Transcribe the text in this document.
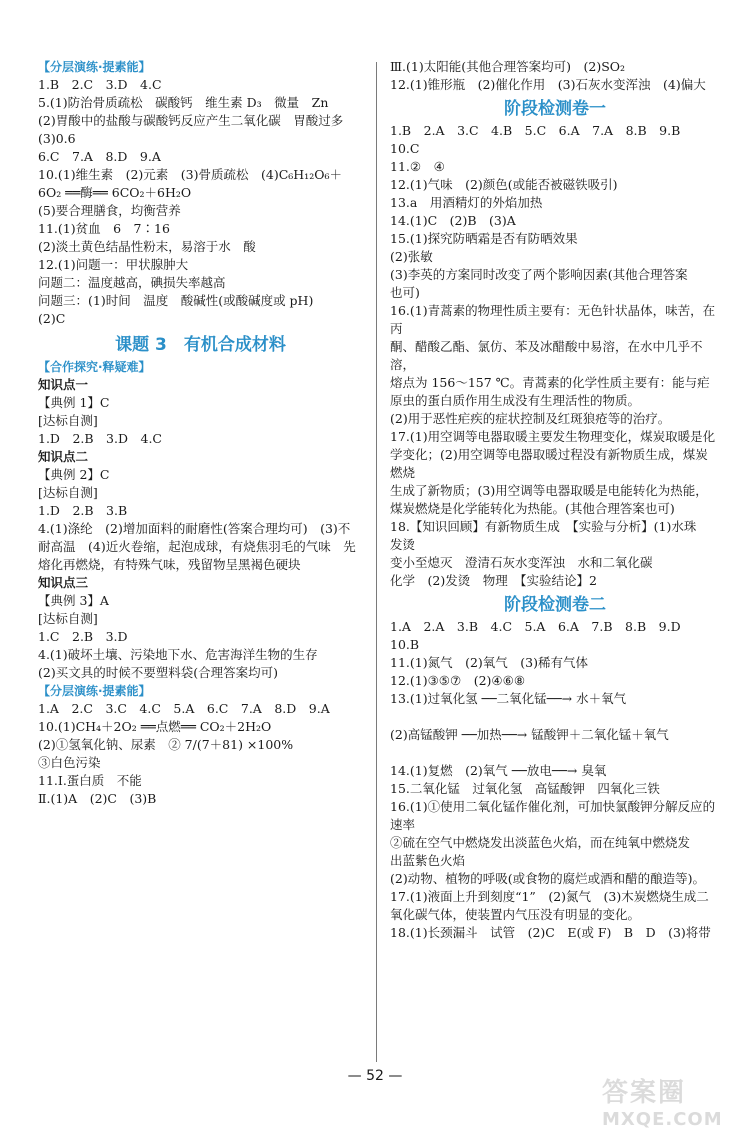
【分层演练·提素能】
1.B　2.C　3.D　4.C
5.(1)防治骨质疏松　碳酸钙　维生素 D₃　微量　Zn
(2)胃酸中的盐酸与碳酸钙反应产生二氧化碳　胃酸过多
(3)0.6
6.C　7.A　8.D　9.A
10.(1)维生素　(2)元素　(3)骨质疏松　(4)C₆H₁₂O₆＋
6O₂ ══酶══ 6CO₂＋6H₂O
(5)要合理膳食，均衡营养
11.(1)贫血　6　7∶16
(2)淡土黄色结晶性粉末，易溶于水　酸
12.(1)问题一：甲状腺肿大
问题二：温度越高，碘损失率越高
问题三：(1)时间　温度　酸碱性(或酸碱度或 pH)
(2)C
课题 3　有机合成材料
【合作探究·释疑难】
知识点一
【典例 1】C
[达标自测]
1.D　2.B　3.D　4.C
知识点二
【典例 2】C
[达标自测]
1.D　2.B　3.B
4.(1)涤纶　(2)增加面料的耐磨性(答案合理均可)　(3)不
耐高温　(4)近火卷缩，起泡成球，有烧焦羽毛的气味　先
熔化再燃烧，有特殊气味，残留物呈黑褐色硬块
知识点三
【典例 3】A
[达标自测]
1.C　2.B　3.D
4.(1)破坏土壤、污染地下水、危害海洋生物的生存
(2)买文具的时候不要塑料袋(合理答案均可)
【分层演练·提素能】
1.A　2.C　3.C　4.C　5.A　6.C　7.A　8.D　9.A
10.(1)CH₄＋2O₂ ══点燃══ CO₂＋2H₂O
(2)①氢氧化钠、尿素　② 7/(7＋81) ×100%
③白色污染
11.Ⅰ.蛋白质　不能
Ⅱ.(1)A　(2)C　(3)B
Ⅲ.(1)太阳能(其他合理答案均可)　(2)SO₂
12.(1)锥形瓶　(2)催化作用　(3)石灰水变浑浊　(4)偏大
阶段检测卷一
1.B　2.A　3.C　4.B　5.C　6.A　7.A　8.B　9.B　10.C
11.②　④
12.(1)气味　(2)颜色(或能否被磁铁吸引)
13.a　用酒精灯的外焰加热
14.(1)C　(2)B　(3)A
15.(1)探究防晒霜是否有防晒效果
(2)张敏
(3)李英的方案同时改变了两个影响因素(其他合理答案
也可)
16.(1)青蒿素的物理性质主要有：无色针状晶体，味苦，在丙
酮、醋酸乙酯、氯仿、苯及冰醋酸中易溶，在水中几乎不溶，
熔点为 156～157 ℃。青蒿素的化学性质主要有：能与疟
原虫的蛋白质作用生成没有生理活性的物质。
(2)用于恶性疟疾的症状控制及红斑狼疮等的治疗。
17.(1)用空调等电器取暖主要发生物理变化，煤炭取暖是化
学变化；(2)用空调等电器取暖过程没有新物质生成，煤炭燃烧
生成了新物质；(3)用空调等电器取暖是电能转化为热能，
煤炭燃烧是化学能转化为热能。(其他合理答案也可)
18.【知识回顾】有新物质生成　【实验与分析】(1)水珠　发烫
变小至熄灭　澄清石灰水变浑浊　水和二氧化碳
化学　(2)发烫　物理　【实验结论】2
阶段检测卷二
1.A　2.A　3.B　4.C　5.A　6.A　7.B　8.B　9.D　10.B
11.(1)氮气　(2)氧气　(3)稀有气体
12.(1)③⑤⑦　(2)④⑥⑧
13.(1)过氧化氢 ──二氧化锰──→ 水＋氧气
(2)高锰酸钾 ──加热──→ 锰酸钾＋二氧化锰＋氧气
14.(1)复燃　(2)氧气 ──放电──→ 臭氧
15.二氧化锰　过氧化氢　高锰酸钾　四氧化三铁
16.(1)①使用二氧化锰作催化剂，可加快氯酸钾分解反应的
速率
②硫在空气中燃烧发出淡蓝色火焰，而在纯氧中燃烧发
出蓝紫色火焰
(2)动物、植物的呼吸(或食物的腐烂或酒和醋的酿造等)。
17.(1)液面上升到刻度“1”　(2)氮气　(3)木炭燃烧生成二
氧化碳气体，使装置内气压没有明显的变化。
18.(1)长颈漏斗　试管　(2)C　E(或 F)　B　D　(3)将带
— 52 —
答案圈
MXQE.COM
